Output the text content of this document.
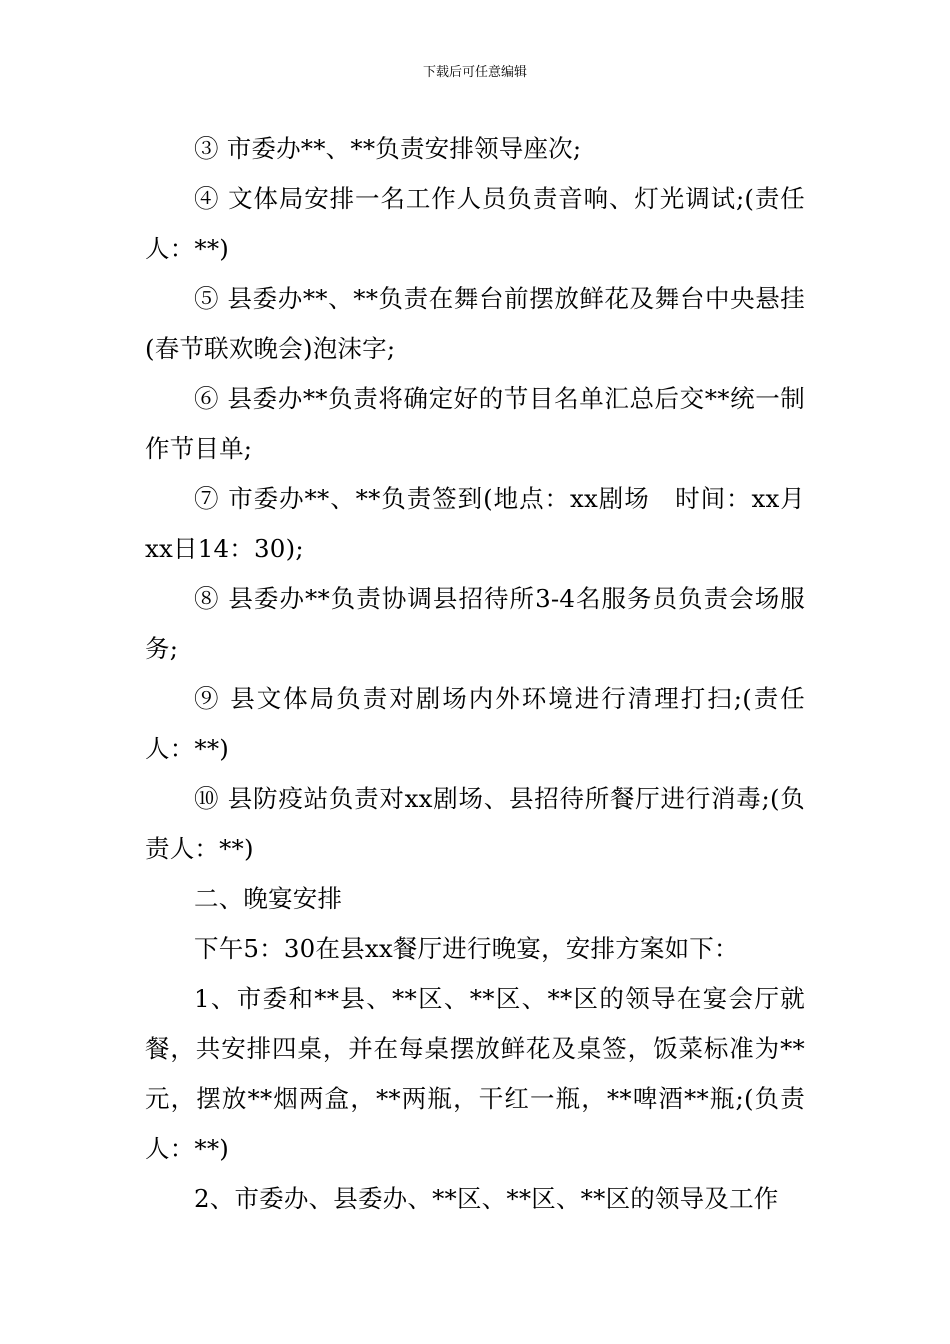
下载后可任意编辑

③ 市委办**、**负责安排领导座次;

④ 文体局安排一名工作人员负责音响、灯光调试;(责任人：**)

⑤ 县委办**、**负责在舞台前摆放鲜花及舞台中央悬挂(春节联欢晚会)泡沫字;

⑥ 县委办**负责将确定好的节目名单汇总后交**统一制作节目单;

⑦ 市委办**、**负责签到(地点：xx剧场　时间：xx月xx日14：30);

⑧ 县委办**负责协调县招待所3-4名服务员负责会场服务;

⑨ 县文体局负责对剧场内外环境进行清理打扫;(责任人：**)

⑩ 县防疫站负责对xx剧场、县招待所餐厅进行消毒;(负责人：**)

二、晚宴安排

下午5：30在县xx餐厅进行晚宴，安排方案如下：

1、市委和**县、**区、**区、**区的领导在宴会厅就餐，共安排四桌，并在每桌摆放鲜花及桌签，饭菜标准为**元，摆放**烟两盒，**两瓶，干红一瓶，**啤酒**瓶;(负责人：**)

2、市委办、县委办、**区、**区、**区的领导及工作
